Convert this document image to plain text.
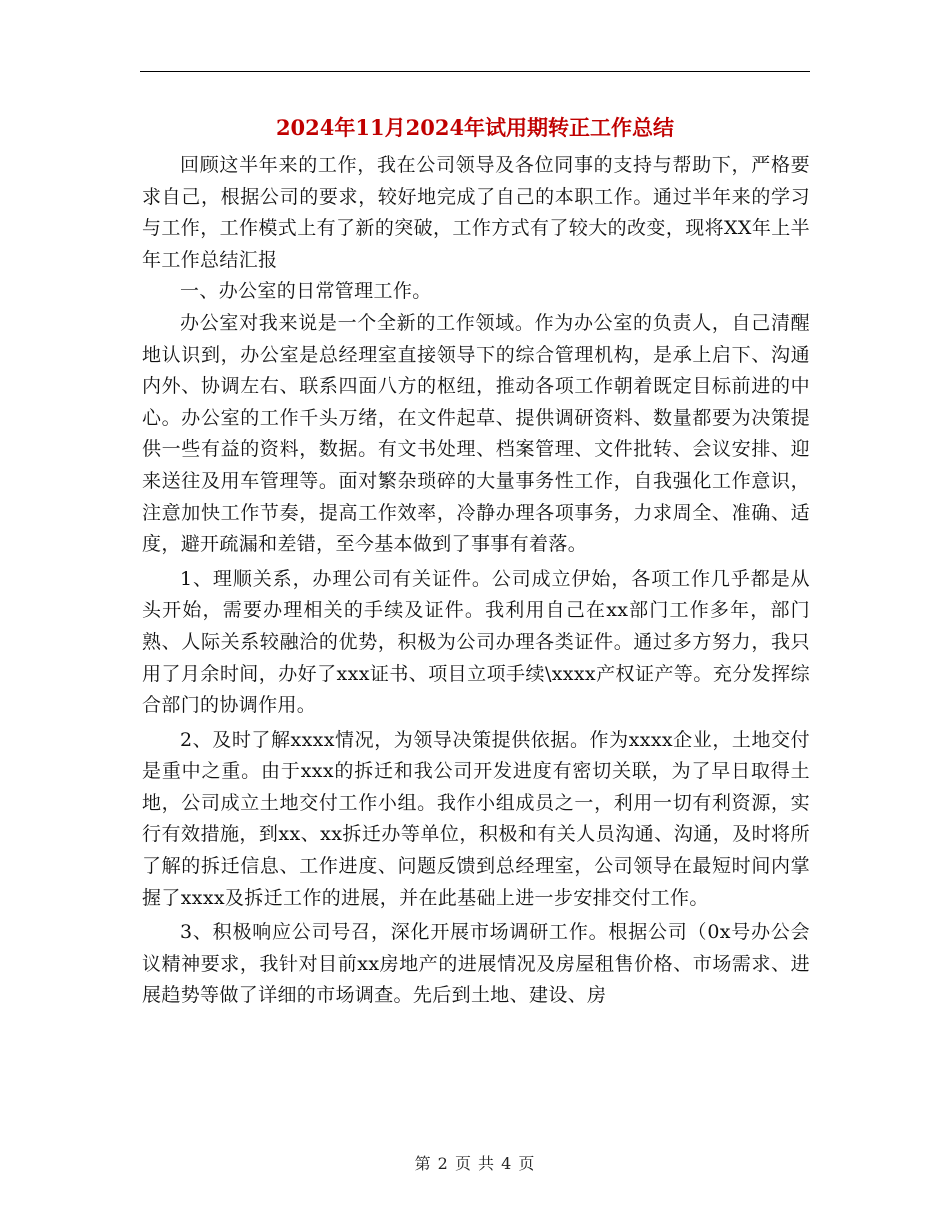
2024年11月2024年试用期转正工作总结

回顾这半年来的工作，我在公司领导及各位同事的支持与帮助下，严格要求自己，根据公司的要求，较好地完成了自己的本职工作。通过半年来的学习与工作，工作模式上有了新的突破，工作方式有了较大的改变，现将XX年上半年工作总结汇报

一、办公室的日常管理工作。

办公室对我来说是一个全新的工作领域。作为办公室的负责人，自己清醒地认识到，办公室是总经理室直接领导下的综合管理机构，是承上启下、沟通内外、协调左右、联系四面八方的枢纽，推动各项工作朝着既定目标前进的中心。办公室的工作千头万绪，在文件起草、提供调研资料、数量都要为决策提供一些有益的资料，数据。有文书处理、档案管理、文件批转、会议安排、迎来送往及用车管理等。面对繁杂琐碎的大量事务性工作，自我强化工作意识，注意加快工作节奏，提高工作效率，冷静办理各项事务，力求周全、准确、适度，避开疏漏和差错，至今基本做到了事事有着落。

1、理顺关系，办理公司有关证件。公司成立伊始，各项工作几乎都是从头开始，需要办理相关的手续及证件。我利用自己在xx部门工作多年，部门熟、人际关系较融洽的优势，积极为公司办理各类证件。通过多方努力，我只用了月余时间，办好了xxx证书、项目立项手续\xxxx产权证产等。充分发挥综合部门的协调作用。

2、及时了解xxxx情况，为领导决策提供依据。作为xxxx企业，土地交付是重中之重。由于xxx的拆迁和我公司开发进度有密切关联，为了早日取得土地，公司成立土地交付工作小组。我作小组成员之一，利用一切有利资源，实行有效措施，到xx、xx拆迁办等单位，积极和有关人员沟通、沟通，及时将所了解的拆迁信息、工作进度、问题反馈到总经理室，公司领导在最短时间内掌握了xxxx及拆迁工作的进展，并在此基础上进一步安排交付工作。

3、积极响应公司号召，深化开展市场调研工作。根据公司（0x号办公会议精神要求，我针对目前xx房地产的进展情况及房屋租售价格、市场需求、进展趋势等做了详细的市场调查。先后到土地、建设、房

第 2 页 共 4 页
